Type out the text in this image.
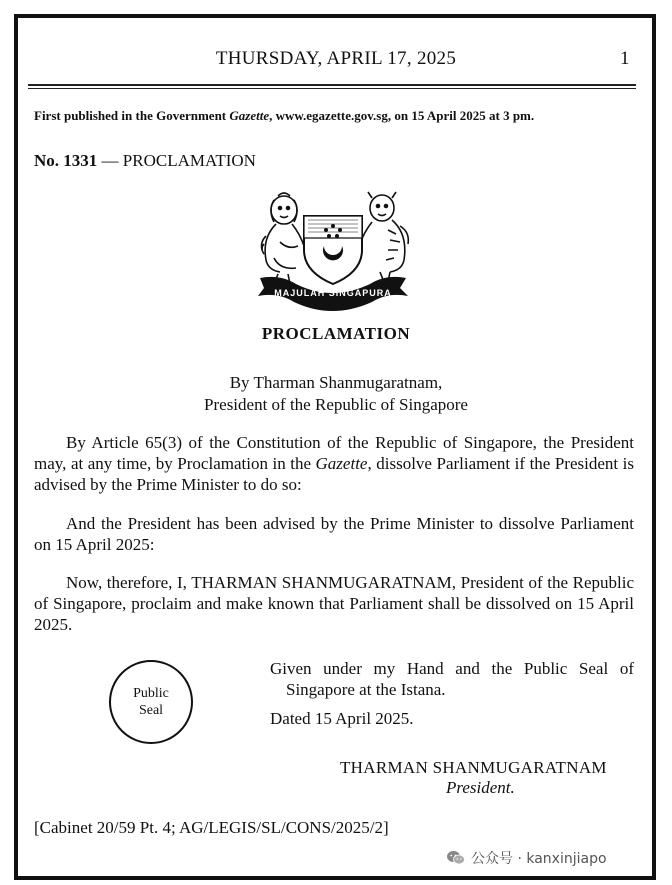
THURSDAY, APRIL 17, 2025	1
First published in the Government Gazette, www.egazette.gov.sg, on 15 April 2025 at 3 pm.
No. 1331 — PROCLAMATION
MAJULAH SINGAPURA
PROCLAMATION
By Tharman Shanmugaratnam,
President of the Republic of Singapore
By Article 65(3) of the Constitution of the Republic of Singapore, the President may, at any time, by Proclamation in the Gazette, dissolve Parliament if the President is advised by the Prime Minister to do so:
And the President has been advised by the Prime Minister to dissolve Parliament on 15 April 2025:
Now, therefore, I, THARMAN SHANMUGARATNAM, President of the Republic of Singapore, proclaim and make known that Parliament shall be dissolved on 15 April 2025.
Public
Seal
Given under my Hand and the Public Seal of
Singapore at the Istana.
Dated 15 April 2025.
THARMAN SHANMUGARATNAM
President.
[Cabinet 20/59 Pt. 4; AG/LEGIS/SL/CONS/2025/2]
公众号 · kanxinjiapo
